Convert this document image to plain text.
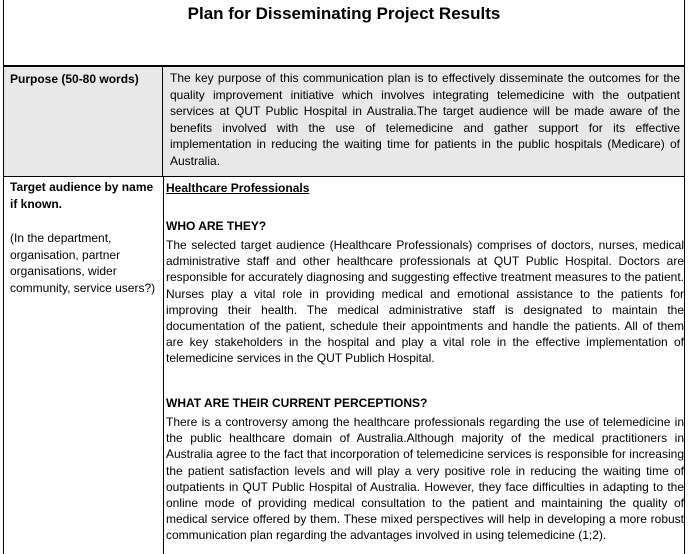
Plan for Disseminating Project Results
Purpose (50-80 words)	The key purpose of this communication plan is to effectively disseminate the outcomes for the quality improvement initiative which involves integrating telemedicine with the outpatient services at QUT Public Hospital in Australia.The target audience will be made aware of the benefits involved with the use of telemedicine and gather support for its effective implementation in reducing the waiting time for patients in the public hospitals (Medicare) of Australia.

Target audience by name if known.
(In the department, organisation, partner organisations, wider community, service users?)
Healthcare Professionals
WHO ARE THEY?

The selected target audience (Healthcare Professionals) comprises of doctors, nurses, medical administrative staff and other healthcare professionals at QUT Public Hospital. Doctors are responsible for accurately diagnosing and suggesting effective treatment measures to the patient. Nurses play a vital role in providing medical and emotional assistance to the patients for improving their health. The medical administrative staff is designated to maintain the documentation of the patient, schedule their appointments and handle the patients. All of them are key stakeholders in the hospital and play a vital role in the effective implementation of telemedicine services in the QUT Publich Hospital.

WHAT ARE THEIR CURRENT PERCEPTIONS?

There is a controversy among the healthcare professionals regarding the use of telemedicine in the public healthcare domain of Australia.Although majority of the medical practitioners in Australia agree to the fact that incorporation of telemedicine services is responsible for increasing the patient satisfaction levels and will play a very positive role in reducing the waiting time of outpatients in QUT Public Hospital of Australia. However, they face difficulties in adapting to the online mode of providing medical consultation to the patient and maintaining the quality of medical service offered by them. These mixed perspectives will help in developing a more robust communication plan regarding the advantages involved in using telemedicine (1;2).
